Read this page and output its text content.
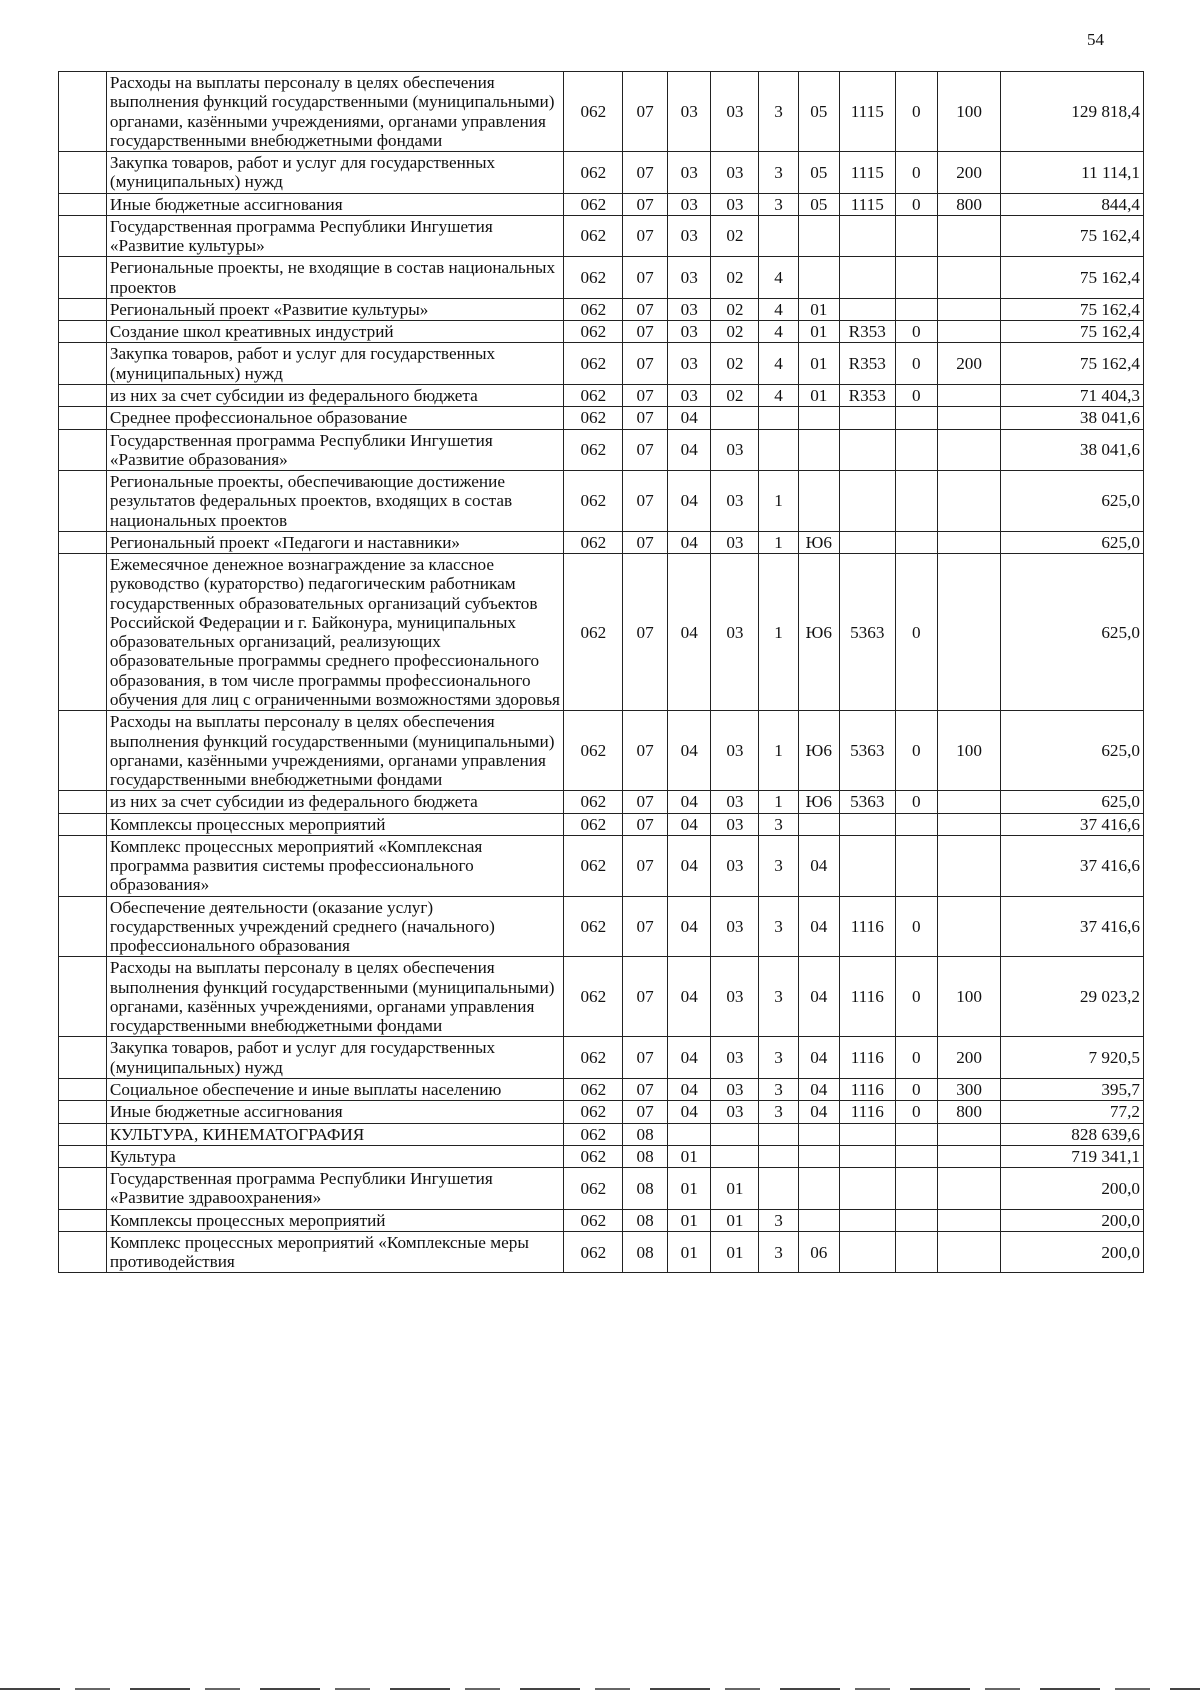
54
	Расходы на выплаты персоналу в целях обеспечения выполнения функций государственными (муниципальными) органами, казёнными учреждениями, органами управления государственными внебюджетными фондами	062	07	03	03	3	05	1115	0	100	129 818,4
	Закупка товаров, работ и услуг для государственных (муниципальных) нужд	062	07	03	03	3	05	1115	0	200	11 114,1
	Иные бюджетные ассигнования	062	07	03	03	3	05	1115	0	800	844,4
	Государственная программа Республики Ингушетия «Развитие культуры»	062	07	03	02						75 162,4
	Региональные проекты, не входящие в состав национальных проектов	062	07	03	02	4					75 162,4
	Региональный проект «Развитие культуры»	062	07	03	02	4	01				75 162,4
	Создание школ креативных индустрий	062	07	03	02	4	01	R353	0		75 162,4
	Закупка товаров, работ и услуг для государственных (муниципальных) нужд	062	07	03	02	4	01	R353	0	200	75 162,4
	из них за счет субсидии из федерального бюджета	062	07	03	02	4	01	R353	0		71 404,3
	Среднее профессиональное образование	062	07	04							38 041,6
	Государственная программа Республики Ингушетия «Развитие образования»	062	07	04	03						38 041,6
	Региональные проекты, обеспечивающие достижение результатов федеральных проектов, входящих в состав национальных проектов	062	07	04	03	1					625,0
	Региональный проект «Педагоги и наставники»	062	07	04	03	1	Ю6				625,0
	Ежемесячное денежное вознаграждение за классное руководство (кураторство) педагогическим работникам государственных образовательных организаций субъектов Российской Федерации и г. Байконура, муниципальных образовательных организаций, реализующих образовательные программы среднего профессионального образования, в том числе программы профессионального обучения для лиц с ограниченными возможностями здоровья	062	07	04	03	1	Ю6	5363	0		625,0
	Расходы на выплаты персоналу в целях обеспечения выполнения функций государственными (муниципальными) органами, казёнными учреждениями, органами управления государственными внебюджетными фондами	062	07	04	03	1	Ю6	5363	0	100	625,0
	из них за счет субсидии из федерального бюджета	062	07	04	03	1	Ю6	5363	0		625,0
	Комплексы процессных мероприятий	062	07	04	03	3					37 416,6
	Комплекс процессных мероприятий «Комплексная программа развития системы профессионального образования»	062	07	04	03	3	04				37 416,6
	Обеспечение деятельности (оказание услуг) государственных учреждений среднего (начального) профессионального образования	062	07	04	03	3	04	1116	0		37 416,6
	Расходы на выплаты персоналу в целях обеспечения выполнения функций государственными (муниципальными) органами, казённых учреждениями, органами управления государственными внебюджетными фондами	062	07	04	03	3	04	1116	0	100	29 023,2
	Закупка товаров, работ и услуг для государственных (муниципальных) нужд	062	07	04	03	3	04	1116	0	200	7 920,5
	Социальное обеспечение и иные выплаты населению	062	07	04	03	3	04	1116	0	300	395,7
	Иные бюджетные ассигнования	062	07	04	03	3	04	1116	0	800	77,2
	КУЛЬТУРА, КИНЕМАТОГРАФИЯ	062	08								828 639,6
	Культура	062	08	01							719 341,1
	Государственная программа Республики Ингушетия «Развитие здравоохранения»	062	08	01	01						200,0
	Комплексы процессных мероприятий	062	08	01	01	3					200,0
	Комплекс процессных мероприятий «Комплексные меры противодействия	062	08	01	01	3	06				200,0
